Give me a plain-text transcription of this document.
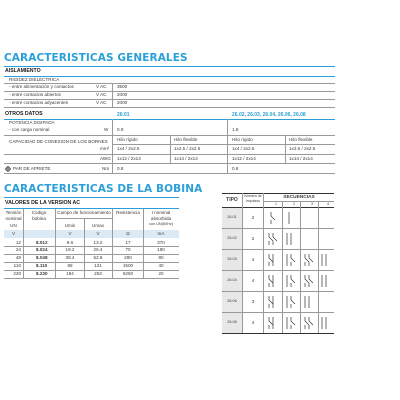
CARACTERISTICAS GENERALES
AISLAMIENTO
RIGIDEZ DIELECTRICA
- entre alimentación y contactos	V AC 3500
- entre contactos abiertos	V AC 2000
- entre contactos adyacentes	V AC 2000
OTROS DATOS	26.01	26.02, 26.03, 26.04, 26.06, 26.08
POTENCIA DISIPADA
- con carga nominal	W 0.9	1.8
CAPACIDAD DE CONEXION DE LOS BORNES Hilo rígido	Hilo flexible	Hilo rígido	Hilo flexible
mm² 1x4 / 2x2.5	1x2.5 / 2x2.5	1x4 / 2x2.5	1x2.5 / 2x2.5
AWG 1x12 / 2x14	1x14 / 2x14	1x12 / 2x14	1x14 / 2x14
PAR DE APRIETE	Nm 0.8	0.8
CARACTERISTICAS DE LA BOBINA
VALORES DE LA VERSION AC
Tensión
nominal
UN
Codigo
bobina
Campo de funcionamiento
Umin	Umax
Resistencia	I nominal
absorbida
con UN(50Hz)
V	V	V	Ω	mA
12	8.012	9.6	13.2	17	370
24	8.024	19.2	26.4	70	180
48	8.048	38.4	52.8	290	90
110	8.110	88	121	1500	40
230	8.230	184	253	6250	20
TIPO
Número de
impulsos
SECUENCIAS
1	2	3	4
26.01	2
26.02	2
26.03	4
26.04	4
26.06	3
26.08	4
